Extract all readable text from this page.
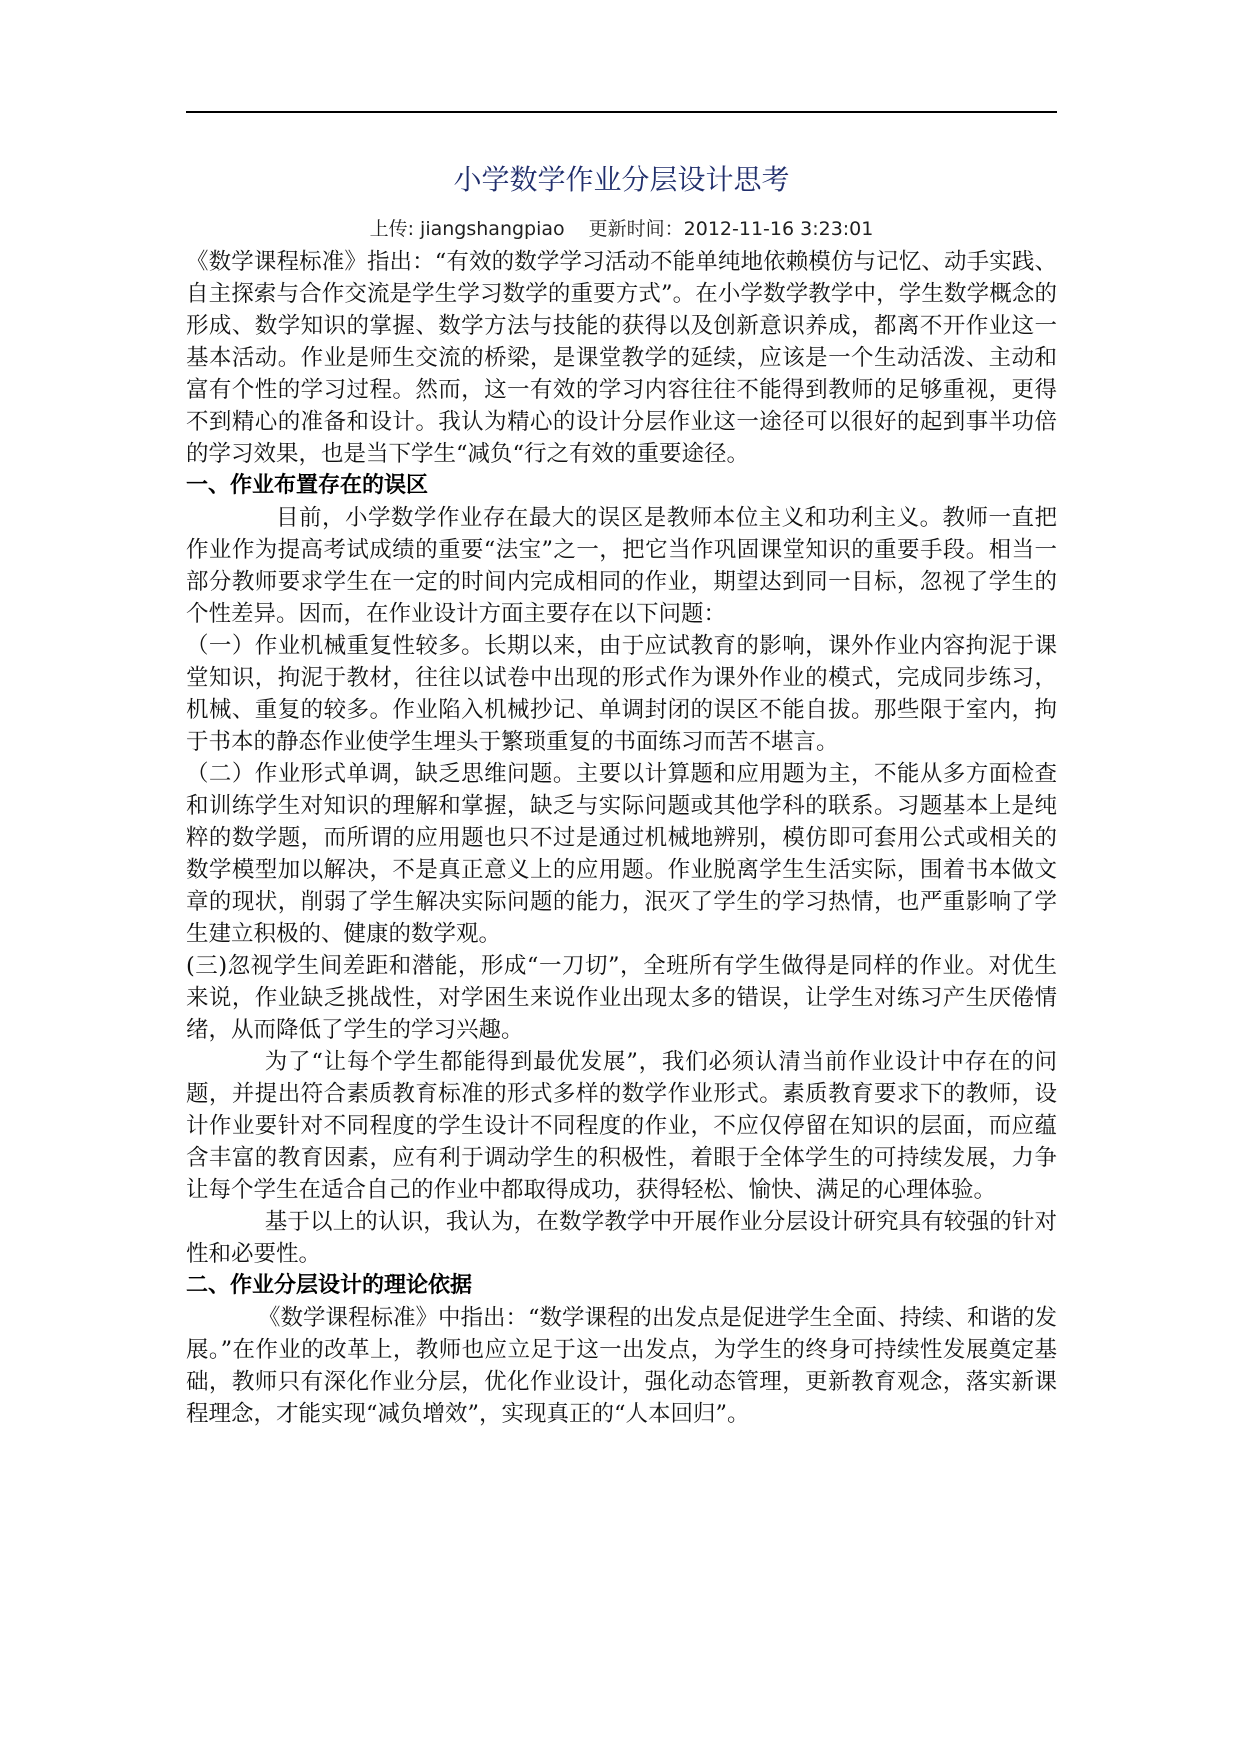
小学数学作业分层设计思考
上传: jiangshangpiao 更新时间：2012-11-16 3:23:01

《数学课程标准》指出：“有效的数学学习活动不能单纯地依赖模仿与记忆、动手实践、自主探索与合作交流是学生学习数学的重要方式”。在小学数学教学中，学生数学概念的形成、数学知识的掌握、数学方法与技能的获得以及创新意识养成，都离不开作业这一基本活动。作业是师生交流的桥梁，是课堂教学的延续，应该是一个生动活泼、主动和富有个性的学习过程。然而，这一有效的学习内容往往不能得到教师的足够重视，更得不到精心的准备和设计。我认为精心的设计分层作业这一途径可以很好的起到事半功倍的学习效果，也是当下学生“减负“行之有效的重要途径。

一、作业布置存在的误区

目前，小学数学作业存在最大的误区是教师本位主义和功利主义。教师一直把作业作为提高考试成绩的重要“法宝”之一，把它当作巩固课堂知识的重要手段。相当一部分教师要求学生在一定的时间内完成相同的作业，期望达到同一目标，忽视了学生的个性差异。因而，在作业设计方面主要存在以下问题：

（一）作业机械重复性较多。长期以来，由于应试教育的影响，课外作业内容拘泥于课堂知识，拘泥于教材，往往以试卷中出现的形式作为课外作业的模式，完成同步练习，机械、重复的较多。作业陷入机械抄记、单调封闭的误区不能自拔。那些限于室内，拘于书本的静态作业使学生埋头于繁琐重复的书面练习而苦不堪言。

（二）作业形式单调，缺乏思维问题。主要以计算题和应用题为主，不能从多方面检查和训练学生对知识的理解和掌握，缺乏与实际问题或其他学科的联系。习题基本上是纯粹的数学题，而所谓的应用题也只不过是通过机械地辨别，模仿即可套用公式或相关的数学模型加以解决，不是真正意义上的应用题。作业脱离学生生活实际，围着书本做文章的现状，削弱了学生解决实际问题的能力，泯灭了学生的学习热情，也严重影响了学生建立积极的、健康的数学观。

(三)忽视学生间差距和潜能，形成“一刀切”，全班所有学生做得是同样的作业。对优生来说，作业缺乏挑战性，对学困生来说作业出现太多的错误，让学生对练习产生厌倦情绪，从而降低了学生的学习兴趣。

为了“让每个学生都能得到最优发展”，我们必须认清当前作业设计中存在的问题，并提出符合素质教育标准的形式多样的数学作业形式。素质教育要求下的教师，设计作业要针对不同程度的学生设计不同程度的作业，不应仅停留在知识的层面，而应蕴含丰富的教育因素，应有利于调动学生的积极性，着眼于全体学生的可持续发展，力争让每个学生在适合自己的作业中都取得成功，获得轻松、愉快、满足的心理体验。

基于以上的认识，我认为，在数学教学中开展作业分层设计研究具有较强的针对性和必要性。

二、作业分层设计的理论依据

《数学课程标准》中指出：“数学课程的出发点是促进学生全面、持续、和谐的发展。”在作业的改革上，教师也应立足于这一出发点，为学生的终身可持续性发展奠定基础，教师只有深化作业分层，优化作业设计，强化动态管理，更新教育观念，落实新课程理念，才能实现“减负增效”，实现真正的“人本回归”。
